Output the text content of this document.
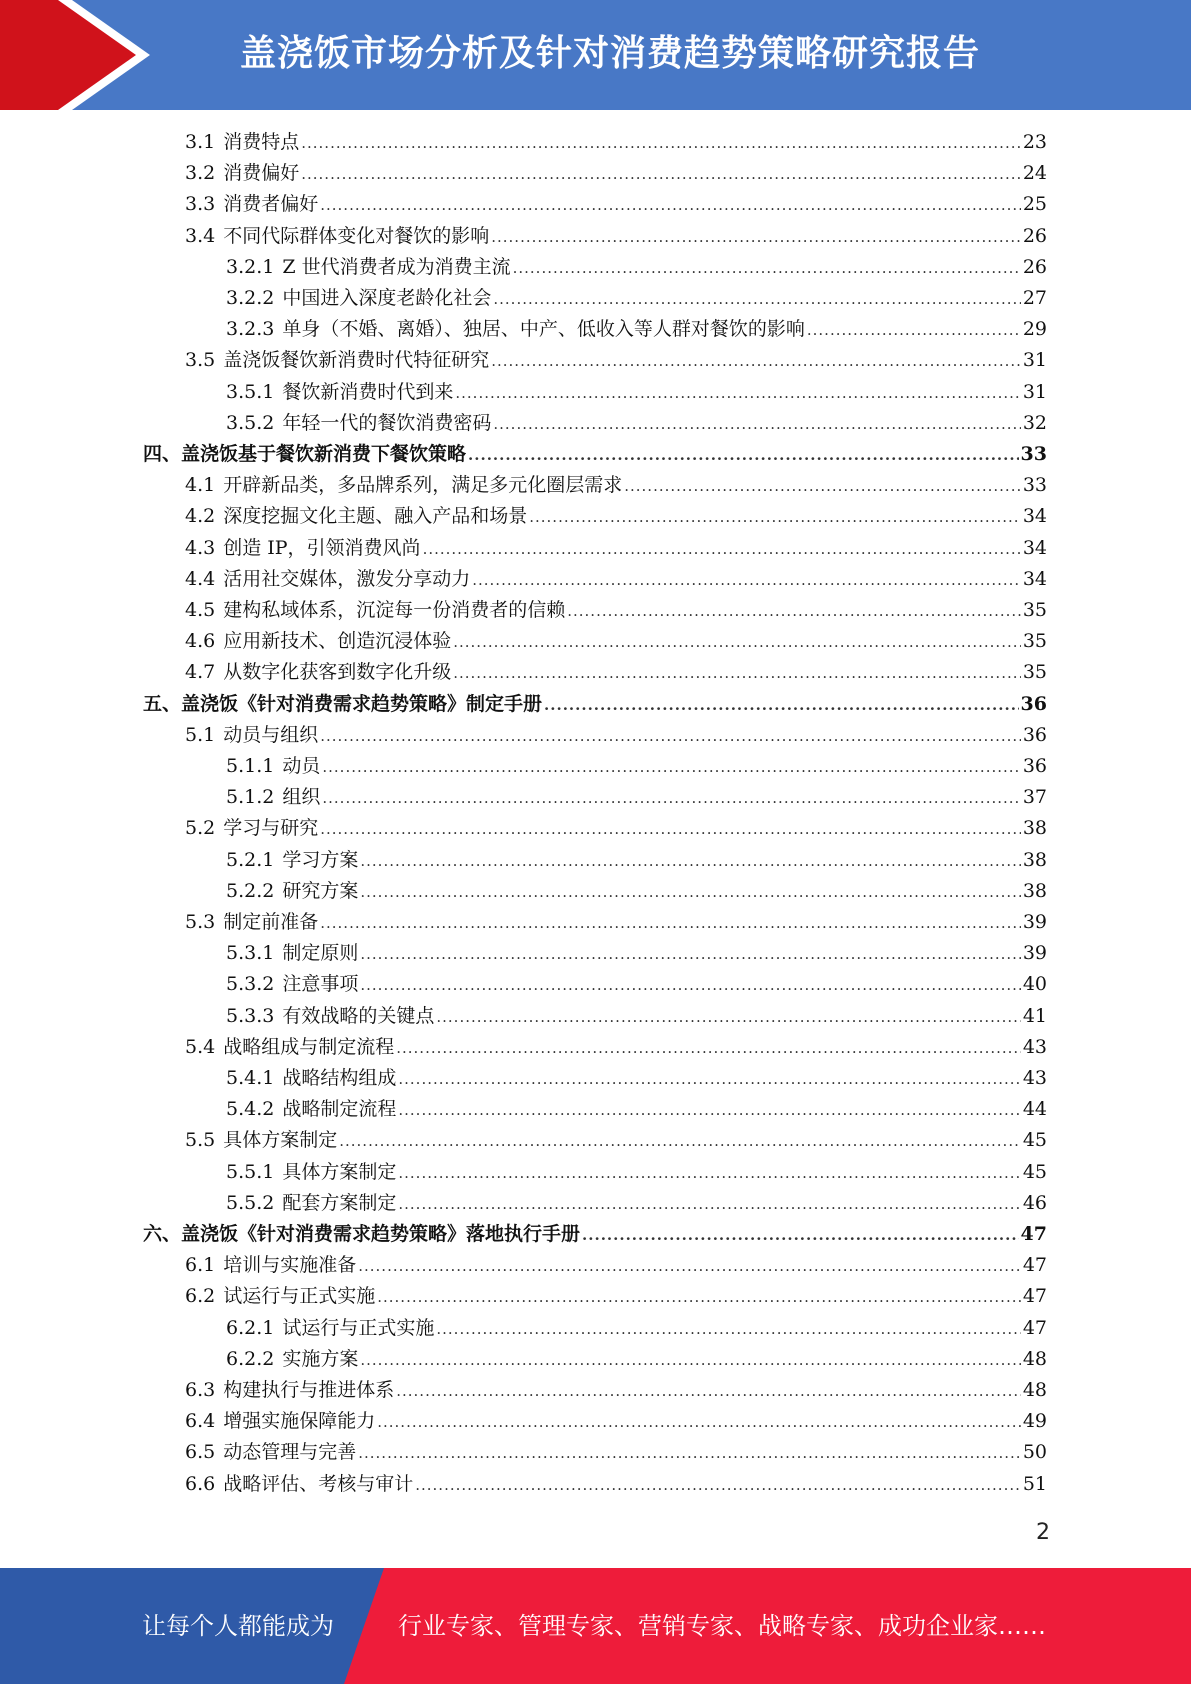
盖浇饭市场分析及针对消费趋势策略研究报告
3.1 消费特点 .....	23
3.2 消费偏好 .....	24
3.3 消费者偏好 .....	25
3.4 不同代际群体变化对餐饮的影响 .....	26
3.2.1 Z 世代消费者成为消费主流 .....	26
3.2.2 中国进入深度老龄化社会 .....	27
3.2.3 单身（不婚、离婚）、独居、中产、低收入等人群对餐饮的影响 .....	29
3.5 盖浇饭餐饮新消费时代特征研究 .....	31
3.5.1 餐饮新消费时代到来 .....	31
3.5.2 年轻一代的餐饮消费密码 .....	32
四、 盖浇饭基于餐饮新消费下餐饮策略 .....	33
4.1 开辟新品类，多品牌系列，满足多元化圈层需求 .....	33
4.2 深度挖掘文化主题、融入产品和场景 .....	34
4.3 创造 IP，引领消费风尚 .....	34
4.4 活用社交媒体，激发分享动力 .....	34
4.5 建构私域体系，沉淀每一份消费者的信赖 .....	35
4.6 应用新技术、创造沉浸体验 .....	35
4.7 从数字化获客到数字化升级 .....	35
五、 盖浇饭《针对消费需求趋势策略》制定手册 .....	36
5.1 动员与组织 .....	36
5.1.1 动员 .....	36
5.1.2 组织 .....	37
5.2 学习与研究 .....	38
5.2.1 学习方案 .....	38
5.2.2 研究方案 .....	38
5.3 制定前准备 .....	39
5.3.1 制定原则 .....	39
5.3.2 注意事项 .....	40
5.3.3 有效战略的关键点 .....	41
5.4 战略组成与制定流程 .....	43
5.4.1 战略结构组成 .....	43
5.4.2 战略制定流程 .....	44
5.5 具体方案制定 .....	45
5.5.1 具体方案制定 .....	45
5.5.2 配套方案制定 .....	46
六、 盖浇饭《针对消费需求趋势策略》落地执行手册 .....	47
6.1 培训与实施准备 .....	47
6.2 试运行与正式实施 .....	47
6.2.1 试运行与正式实施 .....	47
6.2.2 实施方案 .....	48
6.3 构建执行与推进体系 .....	48
6.4 增强实施保障能力 .....	49
6.5 动态管理与完善 .....	50
6.6 战略评估、考核与审计 .....	51
2
让每个人都能成为	行业专家、管理专家、营销专家、战略专家、成功企业家……
